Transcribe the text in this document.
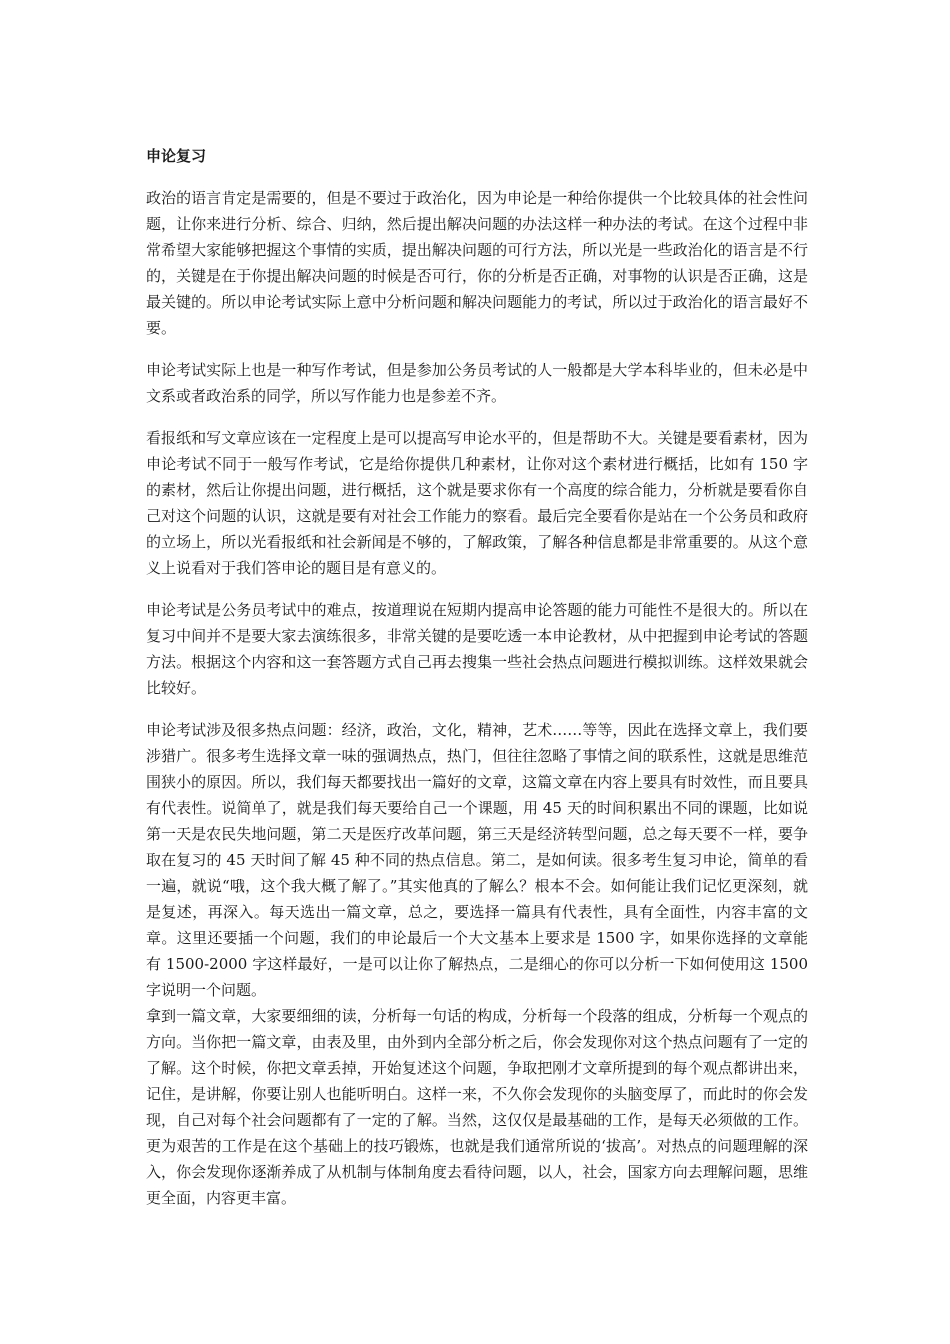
申论复习

政治的语言肯定是需要的，但是不要过于政治化，因为申论是一种给你提供一个比较具体的社会性问题，让你来进行分析、综合、归纳，然后提出解决问题的办法这样一种办法的考试。在这个过程中非常希望大家能够把握这个事情的实质，提出解决问题的可行方法，所以光是一些政治化的语言是不行的，关键是在于你提出解决问题的时候是否可行，你的分析是否正确，对事物的认识是否正确，这是最关键的。所以申论考试实际上意中分析问题和解决问题能力的考试，所以过于政治化的语言最好不要。

申论考试实际上也是一种写作考试，但是参加公务员考试的人一般都是大学本科毕业的，但未必是中文系或者政治系的同学，所以写作能力也是参差不齐。

看报纸和写文章应该在一定程度上是可以提高写申论水平的，但是帮助不大。关键是要看素材，因为申论考试不同于一般写作考试，它是给你提供几种素材，让你对这个素材进行概括，比如有 150 字的素材，然后让你提出问题，进行概括，这个就是要求你有一个高度的综合能力，分析就是要看你自己对这个问题的认识，这就是要有对社会工作能力的察看。最后完全要看你是站在一个公务员和政府的立场上，所以光看报纸和社会新闻是不够的，了解政策，了解各种信息都是非常重要的。从这个意义上说看对于我们答申论的题目是有意义的。

申论考试是公务员考试中的难点，按道理说在短期内提高申论答题的能力可能性不是很大的。所以在复习中间并不是要大家去演练很多，非常关键的是要吃透一本申论教材，从中把握到申论考试的答题方法。根据这个内容和这一套答题方式自己再去搜集一些社会热点问题进行模拟训练。这样效果就会比较好。

申论考试涉及很多热点问题：经济，政治，文化，精神，艺术……等等，因此在选择文章上，我们要涉猎广。很多考生选择文章一味的强调热点，热门，但往往忽略了事情之间的联系性，这就是思维范围狭小的原因。所以，我们每天都要找出一篇好的文章，这篇文章在内容上要具有时效性，而且要具有代表性。说简单了，就是我们每天要给自己一个课题，用 45 天的时间积累出不同的课题，比如说第一天是农民失地问题，第二天是医疗改革问题，第三天是经济转型问题，总之每天要不一样，要争取在复习的 45 天时间了解 45 种不同的热点信息。第二，是如何读。很多考生复习申论，简单的看一遍，就说“哦，这个我大概了解了。”其实他真的了解么？根本不会。如何能让我们记忆更深刻，就是复述，再深入。每天选出一篇文章，总之，要选择一篇具有代表性，具有全面性，内容丰富的文章。这里还要插一个问题，我们的申论最后一个大文基本上要求是 1500 字，如果你选择的文章能有 1500-2000 字这样最好，一是可以让你了解热点，二是细心的你可以分析一下如何使用这 1500 字说明一个问题。

拿到一篇文章，大家要细细的读，分析每一句话的构成，分析每一个段落的组成，分析每一个观点的方向。当你把一篇文章，由表及里，由外到内全部分析之后，你会发现你对这个热点问题有了一定的了解。这个时候，你把文章丢掉，开始复述这个问题，争取把刚才文章所提到的每个观点都讲出来，记住，是讲解，你要让别人也能听明白。这样一来，不久你会发现你的头脑变厚了，而此时的你会发现，自己对每个社会问题都有了一定的了解。当然，这仅仅是最基础的工作，是每天必须做的工作。更为艰苦的工作是在这个基础上的技巧锻炼，也就是我们通常所说的‘拔高’。对热点的问题理解的深入，你会发现你逐渐养成了从机制与体制角度去看待问题，以人，社会，国家方向去理解问题，思维更全面，内容更丰富。
